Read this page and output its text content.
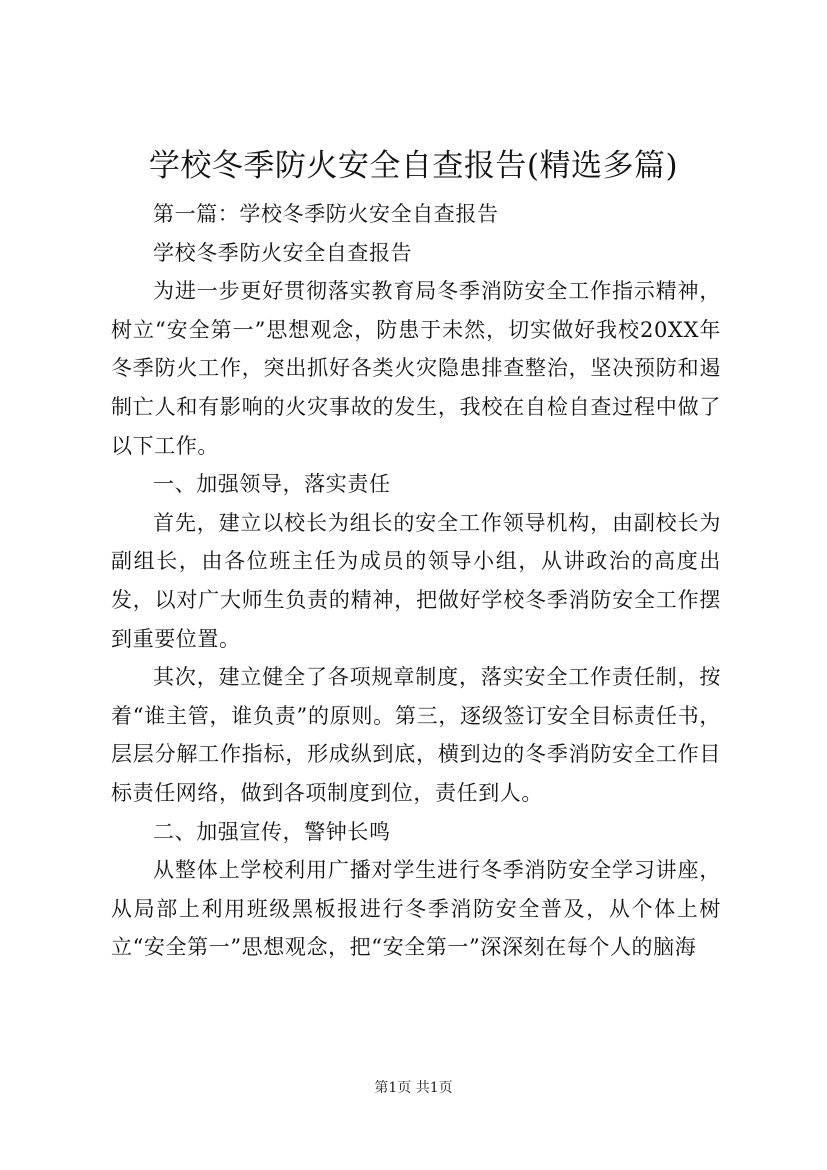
学校冬季防火安全自查报告(精选多篇)

第一篇：学校冬季防火安全自查报告

学校冬季防火安全自查报告

为进一步更好贯彻落实教育局冬季消防安全工作指示精神，树立“安全第一”思想观念，防患于未然，切实做好我校20XX年冬季防火工作，突出抓好各类火灾隐患排查整治，坚决预防和遏制亡人和有影响的火灾事故的发生，我校在自检自查过程中做了以下工作。

一、加强领导，落实责任

首先，建立以校长为组长的安全工作领导机构，由副校长为副组长，由各位班主任为成员的领导小组，从讲政治的高度出发，以对广大师生负责的精神，把做好学校冬季消防安全工作摆到重要位置。

其次，建立健全了各项规章制度，落实安全工作责任制，按着“谁主管，谁负责”的原则。第三，逐级签订安全目标责任书，层层分解工作指标，形成纵到底，横到边的冬季消防安全工作目标责任网络，做到各项制度到位，责任到人。

二、加强宣传，警钟长鸣

从整体上学校利用广播对学生进行冬季消防安全学习讲座，从局部上利用班级黑板报进行冬季消防安全普及，从个体上树立“安全第一”思想观念，把“安全第一”深深刻在每个人的脑海

第1页 共1页
